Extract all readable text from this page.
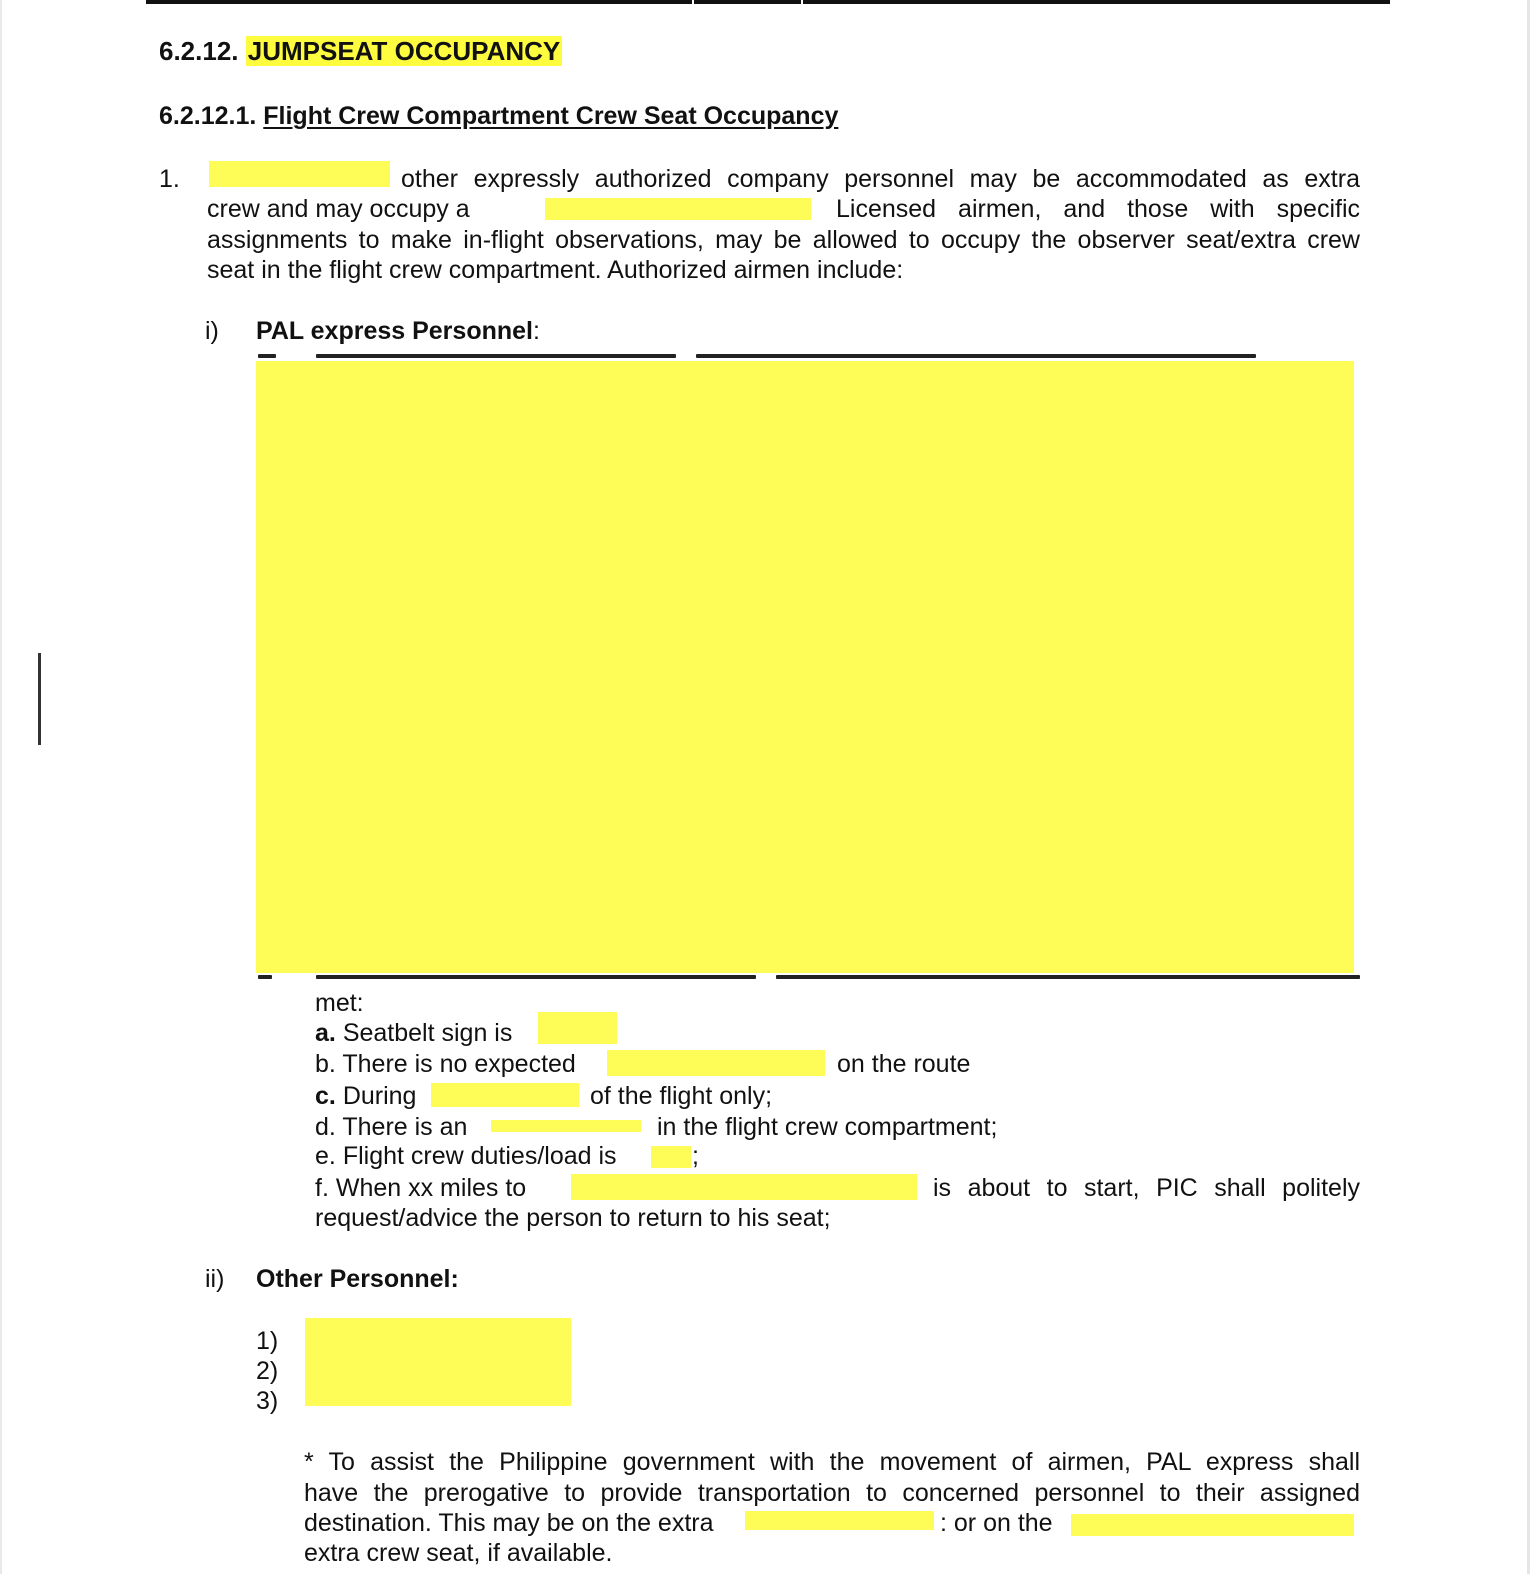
6.2.12. JUMPSEAT OCCUPANCY
6.2.12.1. Flight Crew Compartment Crew Seat Occupancy
1.	other expressly authorized company personnel may be accommodated as extra
crew and may occupy a	Licensed airmen, and those with specific
assignments to make in-flight observations, may be allowed to occupy the observer seat/extra crew
seat in the flight crew compartment. Authorized airmen include:
i) PAL express Personnel:
met:
a. Seatbelt sign is
b. There is no expected	on the route
c. During	of the flight only;
d. There is an	in the flight crew compartment;
e. Flight crew duties/load is	;
f. When xx miles to	is about to start, PIC shall politely
request/advice the person to return to his seat;
ii) Other Personnel:
1)
2)
3)
* To assist the Philippine government with the movement of airmen, PAL express shall
have the prerogative to provide transportation to concerned personnel to their assigned
destination. This may be on the extra	: or on the
extra crew seat, if available.
